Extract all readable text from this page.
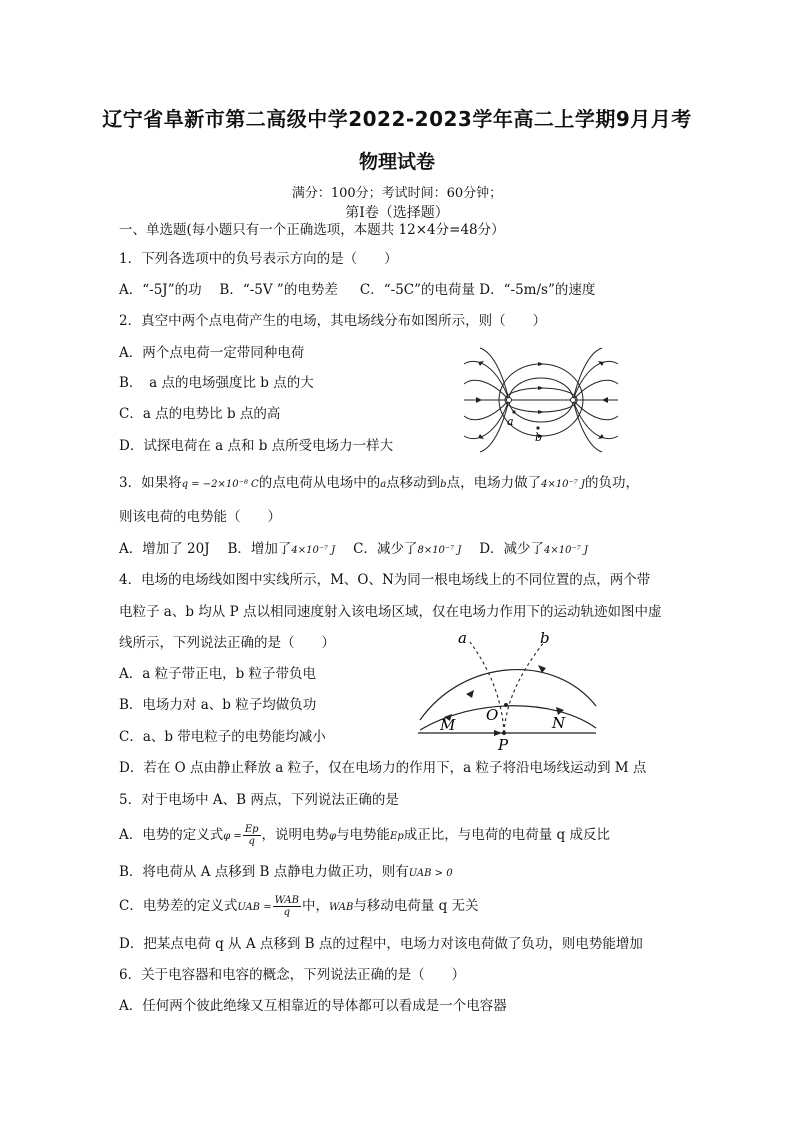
辽宁省阜新市第二高级中学2022-2023学年高二上学期9月月考
物理试卷
满分：100分；考试时间：60分钟；
第Ⅰ卷（选择题）
一、单选题(每小题只有一个正确选项，本题共 12×4分=48分）
1．下列各选项中的负号表示方向的是（　　）
A．“-5J”的功　 B．“-5V ”的电势差 　 C．“-5C”的电荷量 D．“-5m/s”的速度
2．真空中两个点电荷产生的电场，其电场线分布如图所示，则（　　）
A．两个点电荷一定带同种电荷
B．　a 点的电场强度比 b 点的大
C．a 点的电势比 b 点的高
D．试探电荷在 a 点和 b 点所受电场力一样大
a
b
3．如果将q = −2×10⁻⁸ C的点电荷从电场中的a点移动到b点，电场力做了4×10⁻⁷ J的负功，
则该电荷的电势能（　　）
A．增加了 20J　 B．增加了4×10⁻⁷ J　 C．减少了8×10⁻⁷ J　 D．减少了4×10⁻⁷ J
4．电场的电场线如图中实线所示，M、O、N为同一根电场线上的不同位置的点，两个带
电粒子 a、b 均从 P 点以相同速度射入该电场区域，仅在电场力作用下的运动轨迹如图中虚
线所示，下列说法正确的是（　　）
A．a 粒子带正电，b 粒子带负电
B．电场力对 a、b 粒子均做负功
C．a、b 带电粒子的电势能均减小
D．若在 O 点由静止释放 a 粒子，仅在电场力的作用下，a 粒子将沿电场线运动到 M 点
a	b
M
O	N
P
5．对于电场中 A、B 两点，下列说法正确的是
A．电势的定义式$\varphi = \frac{Ep}{q}$ ，说明电势φ与电势能Ep成正比，与电荷的电荷量 q 成反比
B．将电荷从 A 点移到 B 点静电力做正功，则有UAB > 0
C．电势差的定义式UAB = $\frac{\text{WAB}}{q}$ 中，WAB与移动电荷量 q 无关
D．把某点电荷 q 从 A 点移到 B 点的过程中，电场力对该电荷做了负功，则电势能增加
6．关于电容器和电容的概念，下列说法正确的是（　　）
A．任何两个彼此绝缘又互相靠近的导体都可以看成是一个电容器
